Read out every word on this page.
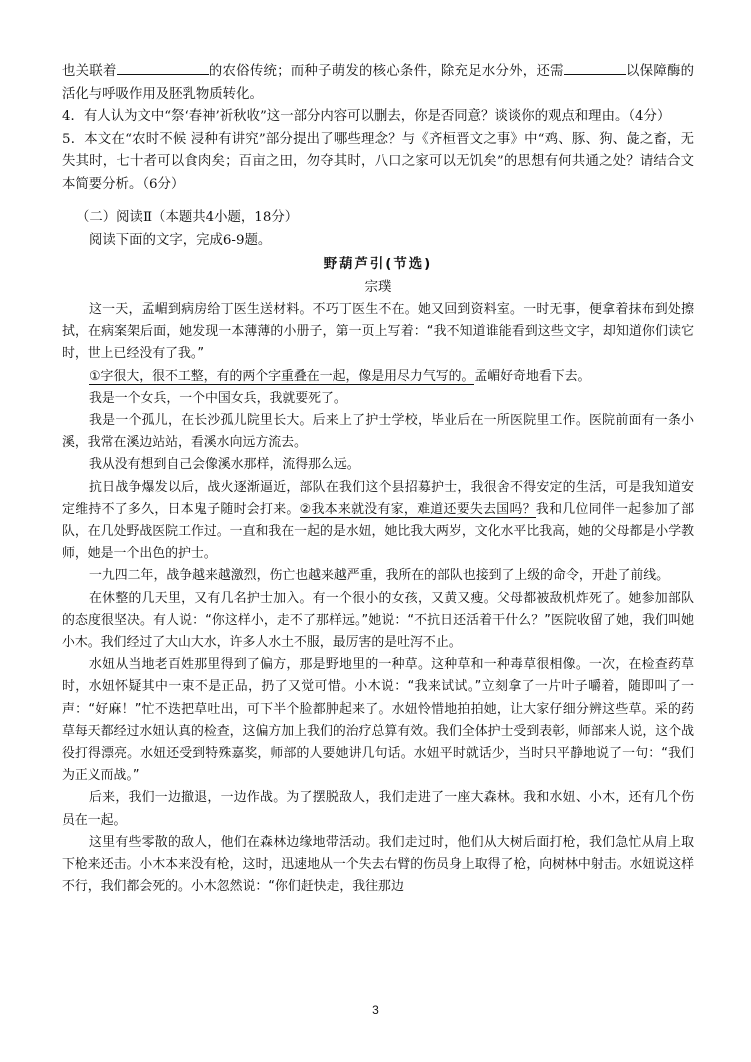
也关联着	的农俗传统；而种子萌发的核心条件，除充足水分外，还需	以保障酶的活化与呼吸作用及胚乳物质转化。

4．有人认为文中“祭‘春神’祈秋收”这一部分内容可以删去，你是否同意？谈谈你的观点和理由。（4分）

5．本文在“农时不候 浸种有讲究”部分提出了哪些理念？与《齐桓晋文之事》中“鸡、豚、狗、彘之畜，无失其时，七十者可以食肉矣；百亩之田，勿夺其时，八口之家可以无饥矣”的思想有何共通之处？请结合文本简要分析。（6分）

（二）阅读Ⅱ（本题共4小题，18分）

阅读下面的文字，完成6-9题。

野葫芦引(节选)

宗璞

这一天，孟嵋到病房给丁医生送材料。不巧丁医生不在。她又回到资料室。一时无事，便拿着抹布到处擦拭，在病案架后面，她发现一本薄薄的小册子，第一页上写着：“我不知道谁能看到这些文字，却知道你们读它时，世上已经没有了我。”

①字很大，很不工整，有的两个字重叠在一起，像是用尽力气写的。孟嵋好奇地看下去。

我是一个女兵，一个中国女兵，我就要死了。

我是一个孤儿，在长沙孤儿院里长大。后来上了护士学校，毕业后在一所医院里工作。医院前面有一条小溪，我常在溪边站站，看溪水向远方流去。

我从没有想到自己会像溪水那样，流得那么远。

抗日战争爆发以后，战火逐渐逼近，部队在我们这个县招募护士，我很舍不得安定的生活，可是我知道安定维持不了多久，日本鬼子随时会打来。②我本来就没有家，难道还要失去国吗？我和几位同伴一起参加了部队，在几处野战医院工作过。一直和我在一起的是水妞，她比我大两岁，文化水平比我高，她的父母都是小学教师，她是一个出色的护士。

一九四二年，战争越来越激烈，伤亡也越来越严重，我所在的部队也接到了上级的命令，开赴了前线。

在休整的几天里，又有几名护士加入。有一个很小的女孩，又黄又瘦。父母都被敌机炸死了。她参加部队的态度很坚决。有人说：“你这样小，走不了那样远。”她说：“不抗日还活着干什么？”医院收留了她，我们叫她小木。我们经过了大山大水，许多人水土不服，最厉害的是吐泻不止。

水妞从当地老百姓那里得到了偏方，那是野地里的一种草。这种草和一种毒草很相像。一次，在检查药草时，水妞怀疑其中一束不是正品，扔了又觉可惜。小木说：“我来试试。”立刻拿了一片叶子嚼着，随即叫了一声：“好麻！”忙不迭把草吐出，可下半个脸都肿起来了。水妞怜惜地拍拍她，让大家仔细分辨这些草。采的药草每天都经过水妞认真的检查，这偏方加上我们的治疗总算有效。我们全体护士受到表彰，师部来人说，这个战役打得漂亮。水妞还受到特殊嘉奖，师部的人要她讲几句话。水妞平时就话少，当时只平静地说了一句：“我们为正义而战。”

后来，我们一边撤退，一边作战。为了摆脱敌人，我们走进了一座大森林。我和水妞、小木，还有几个伤员在一起。

这里有些零散的敌人，他们在森林边缘地带活动。我们走过时，他们从大树后面打枪，我们急忙从肩上取下枪来还击。小木本来没有枪，这时，迅速地从一个失去右臂的伤员身上取得了枪，向树林中射击。水妞说这样不行，我们都会死的。小木忽然说：“你们赶快走，我往那边

3
